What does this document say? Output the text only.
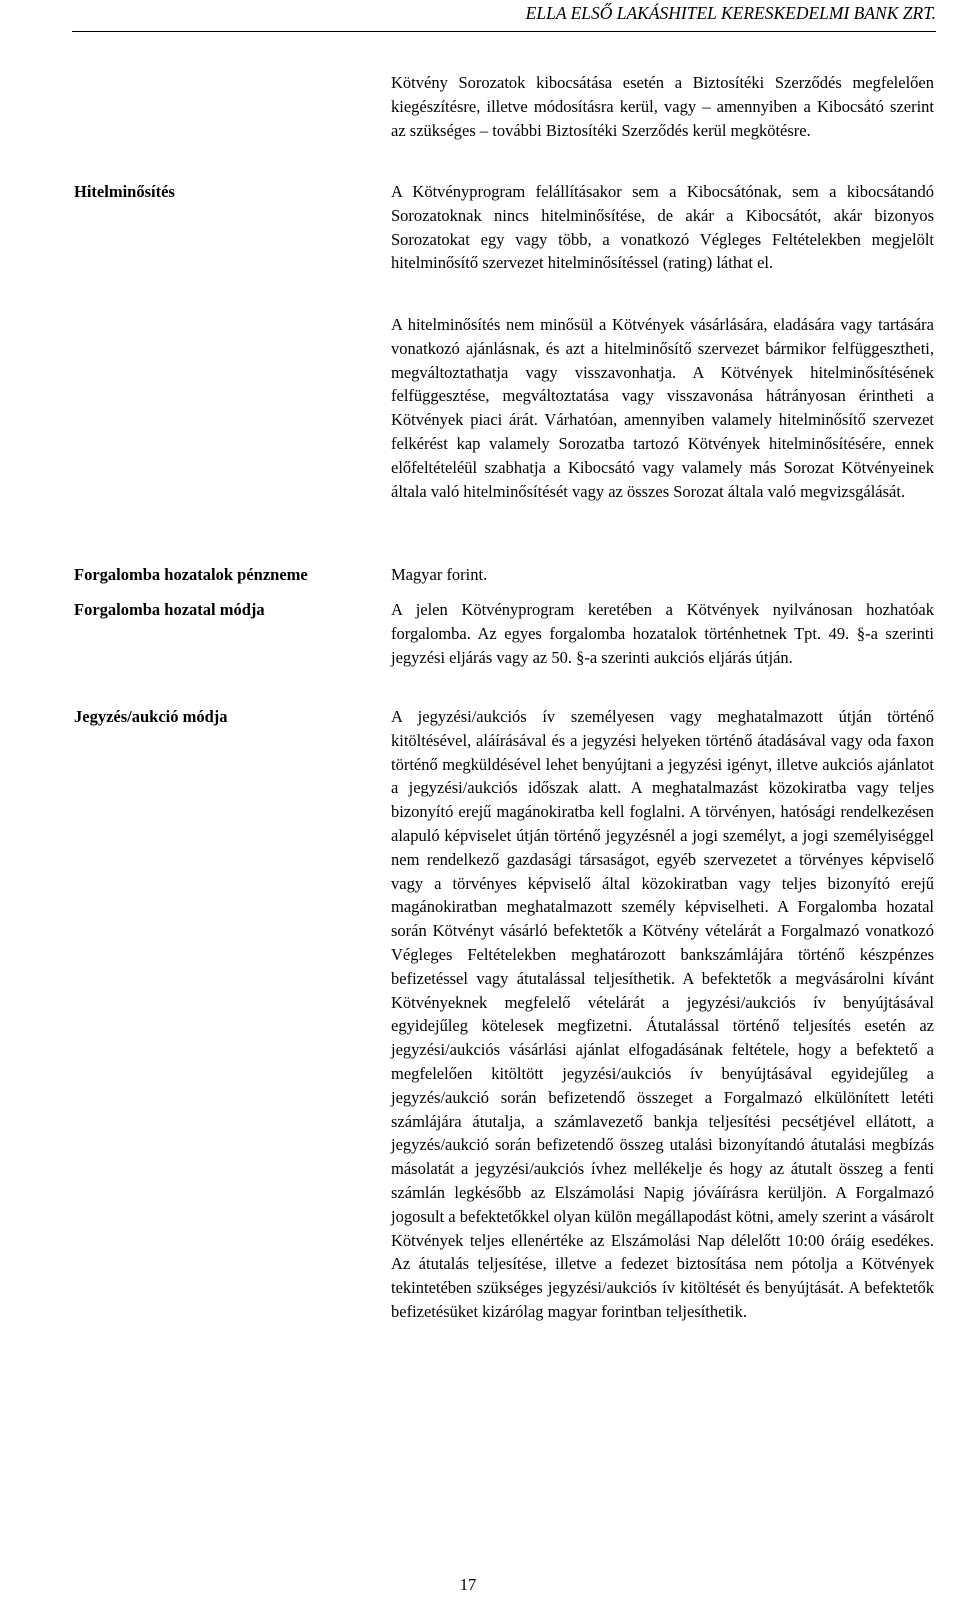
ELLA ELSŐ LAKÁSHITEL KERESKEDELMI BANK ZRT.

Kötvény Sorozatok kibocsátása esetén a Biztosítéki Szerződés megfelelően kiegészítésre, illetve módosításra kerül, vagy – amennyiben a Kibocsátó szerint az szükséges – további Biztosítéki Szerződés kerül megkötésre.

Hitelminősítés	A Kötvényprogram felállításakor sem a Kibocsátónak, sem a kibocsátandó Sorozatoknak nincs hitelminősítése, de akár a Kibocsátót, akár bizonyos Sorozatokat egy vagy több, a vonatkozó Végleges Feltételekben megjelölt hitelminősítő szervezet hitelminősítéssel (rating) láthat el.

A hitelminősítés nem minősül a Kötvények vásárlására, eladására vagy tartására vonatkozó ajánlásnak, és azt a hitelminősítő szervezet bármikor felfüggesztheti, megváltoztathatja vagy visszavonhatja. A Kötvények hitelminősítésének felfüggesztése, megváltoztatása vagy visszavonása hátrányosan érintheti a Kötvények piaci árát. Várhatóan, amennyiben valamely hitelminősítő szervezet felkérést kap valamely Sorozatba tartozó Kötvények hitelminősítésére, ennek előfeltételéül szabhatja a Kibocsátó vagy valamely más Sorozat Kötvényeinek általa való hitelminősítését vagy az összes Sorozat általa való megvizsgálását.

Forgalomba hozatalok pénzneme	Magyar forint.

Forgalomba hozatal módja	A jelen Kötvényprogram keretében a Kötvények nyilvánosan hozhatóak forgalomba. Az egyes forgalomba hozatalok történhetnek Tpt. 49. §-a szerinti jegyzési eljárás vagy az 50. §-a szerinti aukciós eljárás útján.

Jegyzés/aukció módja	A jegyzési/aukciós ív személyesen vagy meghatalmazott útján történő kitöltésével, aláírásával és a jegyzési helyeken történő átadásával vagy oda faxon történő megküldésével lehet benyújtani a jegyzési igényt, illetve aukciós ajánlatot a jegyzési/aukciós időszak alatt. A meghatalmazást közokiratba vagy teljes bizonyító erejű magánokiratba kell foglalni. A törvényen, hatósági rendelkezésen alapuló képviselet útján történő jegyzésnél a jogi személyt, a jogi személyiséggel nem rendelkező gazdasági társaságot, egyéb szervezetet a törvényes képviselő vagy a törvényes képviselő által közokiratban vagy teljes bizonyító erejű magánokiratban meghatalmazott személy képviselheti. A Forgalomba hozatal során Kötvényt vásárló befektetők a Kötvény vételárát a Forgalmazó vonatkozó Végleges Feltételekben meghatározott bankszámlájára történő készpénzes befizetéssel vagy átutalással teljesíthetik. A befektetők a megvásárolni kívánt Kötvényeknek megfelelő vételárát a jegyzési/aukciós ív benyújtásával egyidejűleg kötelesek megfizetni. Átutalással történő teljesítés esetén az jegyzési/aukciós vásárlási ajánlat elfogadásának feltétele, hogy a befektető a megfelelően kitöltött jegyzési/aukciós ív benyújtásával egyidejűleg a jegyzés/aukció során befizetendő összeget a Forgalmazó elkülönített letéti számlájára átutalja, a számlavezető bankja teljesítési pecsétjével ellátott, a jegyzés/aukció során befizetendő összeg utalási bizonyítandó átutalási megbízás másolatát a jegyzési/aukciós ívhez mellékelje és hogy az átutalt összeg a fenti számlán legkésőbb az Elszámolási Napig jóváírásra kerüljön. A Forgalmazó jogosult a befektetőkkel olyan külön megállapodást kötni, amely szerint a vásárolt Kötvények teljes ellenértéke az Elszámolási Nap délelőtt 10:00 óráig esedékes. Az átutalás teljesítése, illetve a fedezet biztosítása nem pótolja a Kötvények tekintetében szükséges jegyzési/aukciós ív kitöltését és benyújtását. A befektetők befizetésüket kizárólag magyar forintban teljesíthetik.

17
